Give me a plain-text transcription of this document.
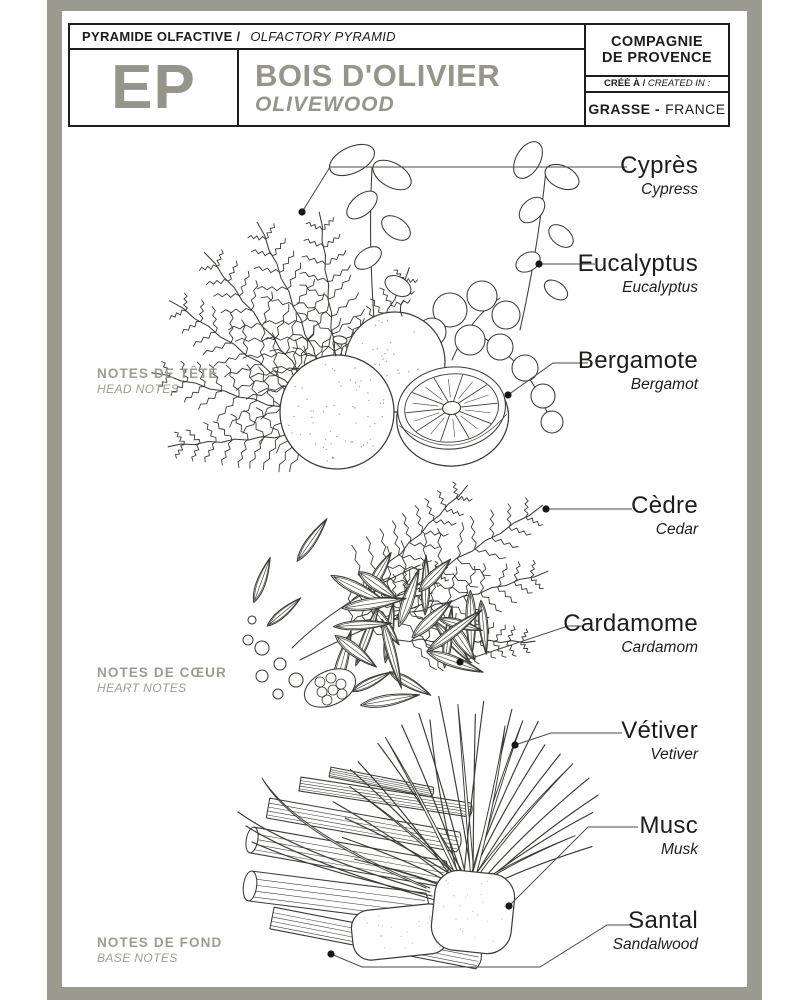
PYRAMIDE OLFACTIVE / OLFACTORY PYRAMID
EP	BOIS D'OLIVIER
OLIVEWOOD
COMPAGNIE
DE PROVENCE
CRÉÉ À / CREATED IN :
GRASSE - FRANCE
Cyprès
Cypress
Eucalyptus
Eucalyptus
Bergamote
Bergamot
Cèdre
Cedar
Cardamome
Cardamom
Vétiver
Vetiver
Musc
Musk
Santal
Sandalwood
NOTES DE TÊTE
HEAD NOTES
NOTES DE CŒUR
HEART NOTES
NOTES DE FOND
BASE NOTES
